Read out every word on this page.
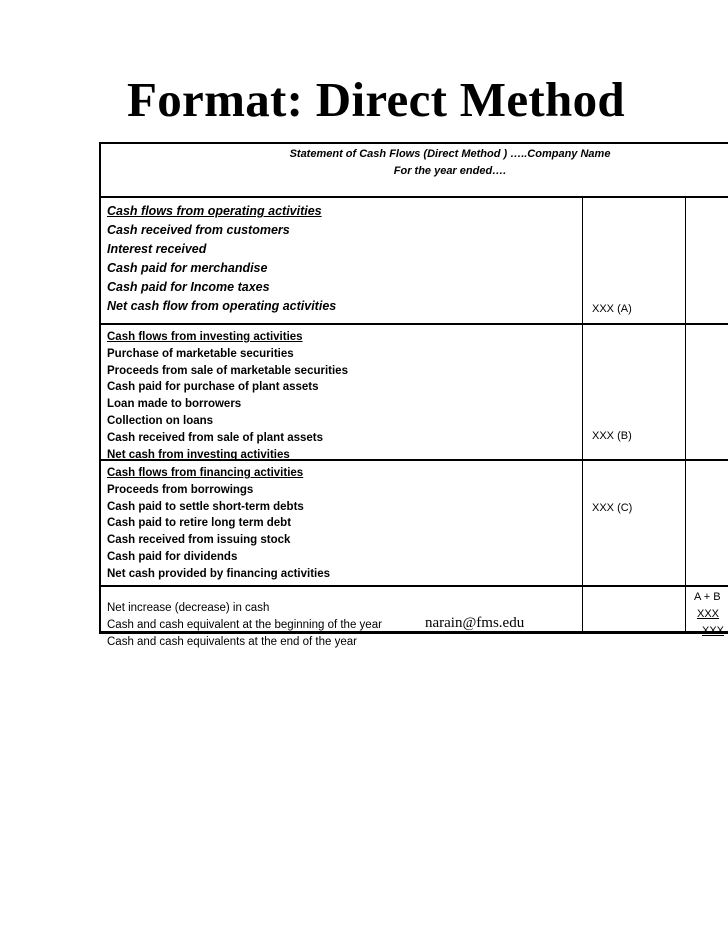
Format: Direct Method
Statement of Cash Flows (Direct Method ) …..Company Name
For the year ended….
Cash flows from operating activities
Cash received from customers
Interest received
Cash paid for merchandise
Cash paid for Income taxes
Net cash flow from operating activities	XXX (A)
Cash flows from investing activities
Purchase of marketable securities
Proceeds from sale of marketable securities
Cash paid for purchase of plant assets
Loan made to borrowers
Collection on loans
Cash received from sale of plant assets
Net cash from investing activities
XXX (B)
Cash flows from financing activities
Proceeds from borrowings
Cash paid to settle short-term debts
Cash paid to retire long term debt
Cash received from issuing stock
Cash paid for dividends
Net cash provided by financing activities
XXX (C)
Net increase (decrease) in cash
Cash and cash equivalent at the beginning of the year
Cash and cash equivalents at the end of the year
A + B
XXX
XXX
narain@fms.edu
